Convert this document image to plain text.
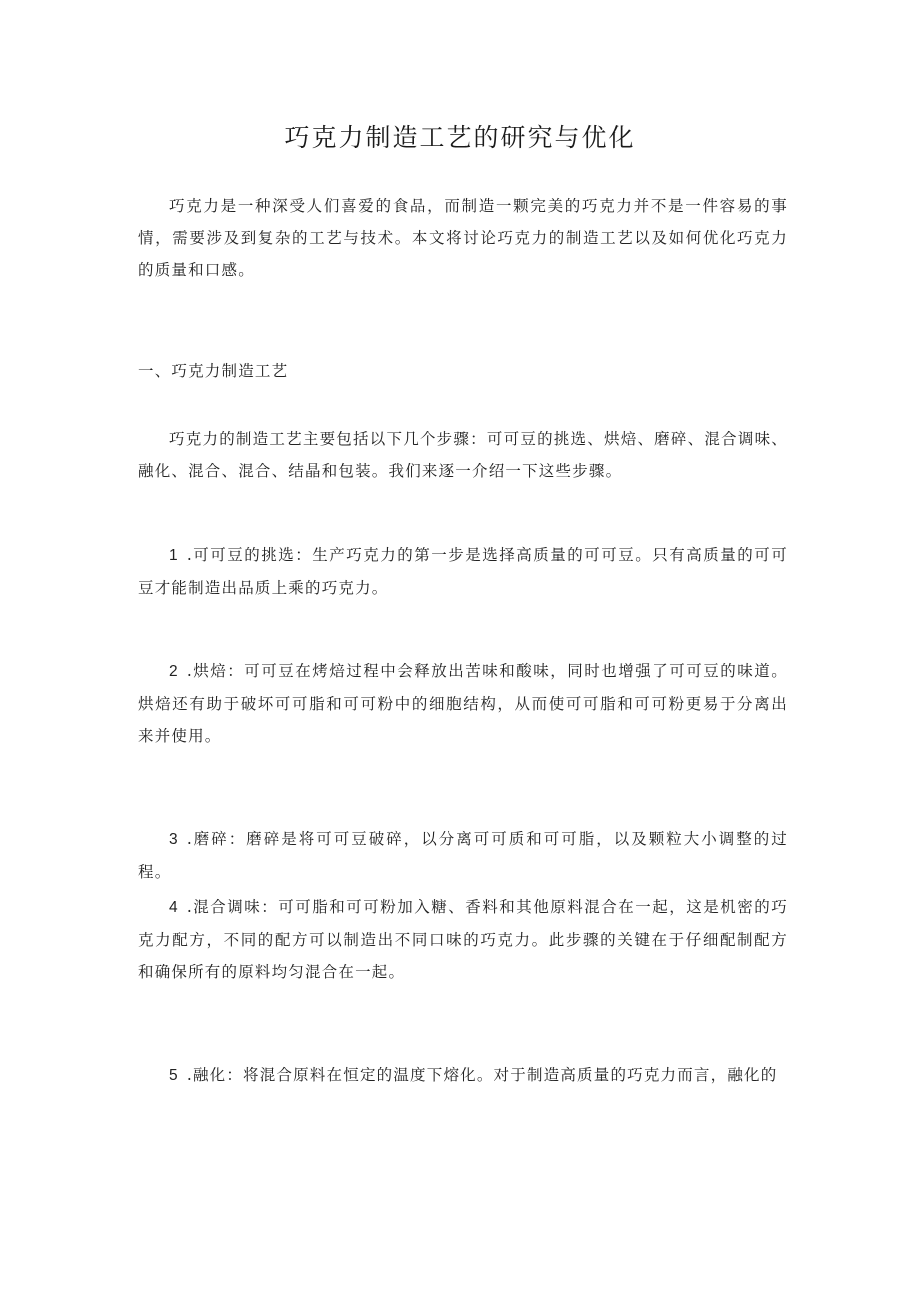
巧克力制造工艺的研究与优化
巧克力是一种深受人们喜爱的食品，而制造一颗完美的巧克力并不是一件容易的事情，需要涉及到复杂的工艺与技术。本文将讨论巧克力的制造工艺以及如何优化巧克力的质量和口感。
一、巧克力制造工艺
巧克力的制造工艺主要包括以下几个步骤：可可豆的挑选、烘焙、磨碎、混合调味、融化、混合、混合、结晶和包装。我们来逐一介绍一下这些步骤。
1 .可可豆的挑选：生产巧克力的第一步是选择高质量的可可豆。只有高质量的可可豆才能制造出品质上乘的巧克力。
2 .烘焙：可可豆在烤焙过程中会释放出苦味和酸味，同时也增强了可可豆的味道。烘焙还有助于破坏可可脂和可可粉中的细胞结构，从而使可可脂和可可粉更易于分离出来并使用。
3 .磨碎：磨碎是将可可豆破碎，以分离可可质和可可脂，以及颗粒大小调整的过程。
4 .混合调味：可可脂和可可粉加入糖、香料和其他原料混合在一起，这是机密的巧克力配方，不同的配方可以制造出不同口味的巧克力。此步骤的关键在于仔细配制配方和确保所有的原料均匀混合在一起。
5 .融化：将混合原料在恒定的温度下熔化。对于制造高质量的巧克力而言，融化的
